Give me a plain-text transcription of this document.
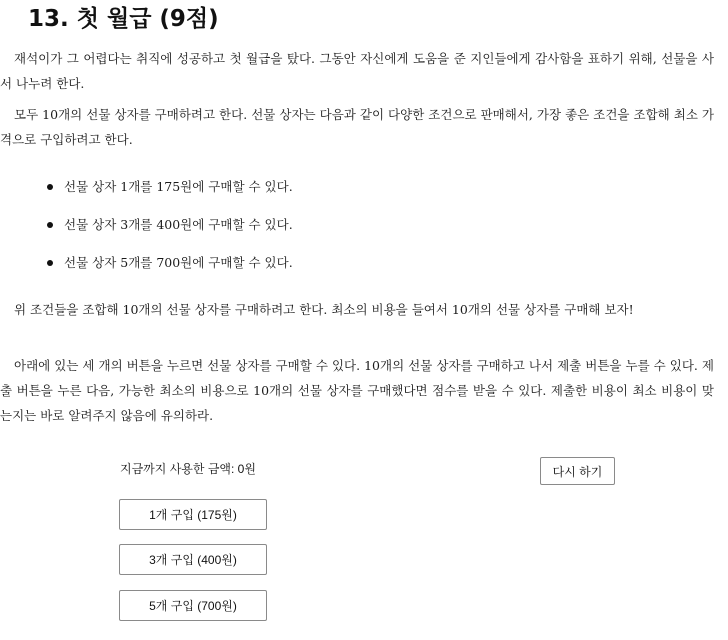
13. 첫 월급 (9점)

재석이가 그 어렵다는 취직에 성공하고 첫 월급을 탔다. 그동안 자신에게 도움을 준 지인들에게 감사함을 표하기 위해, 선물을 사서 나누려 한다.

모두 10개의 선물 상자를 구매하려고 한다. 선물 상자는 다음과 같이 다양한 조건으로 판매해서, 가장 좋은 조건을 조합해 최소 가격으로 구입하려고 한다.

선물 상자 1개를 175원에 구매할 수 있다.
선물 상자 3개를 400원에 구매할 수 있다.
선물 상자 5개를 700원에 구매할 수 있다.

위 조건들을 조합해 10개의 선물 상자를 구매하려고 한다. 최소의 비용을 들여서 10개의 선물 상자를 구매해 보자!

아래에 있는 세 개의 버튼을 누르면 선물 상자를 구매할 수 있다. 10개의 선물 상자를 구매하고 나서 제출 버튼을 누를 수 있다. 제출 버튼을 누른 다음, 가능한 최소의 비용으로 10개의 선물 상자를 구매했다면 점수를 받을 수 있다. 제출한 비용이 최소 비용이 맞는지는 바로 알려주지 않음에 유의하라.

지금까지 사용한 금액: 0원	다시 하기
1개 구입 (175원)
3개 구입 (400원)
5개 구입 (700원)
